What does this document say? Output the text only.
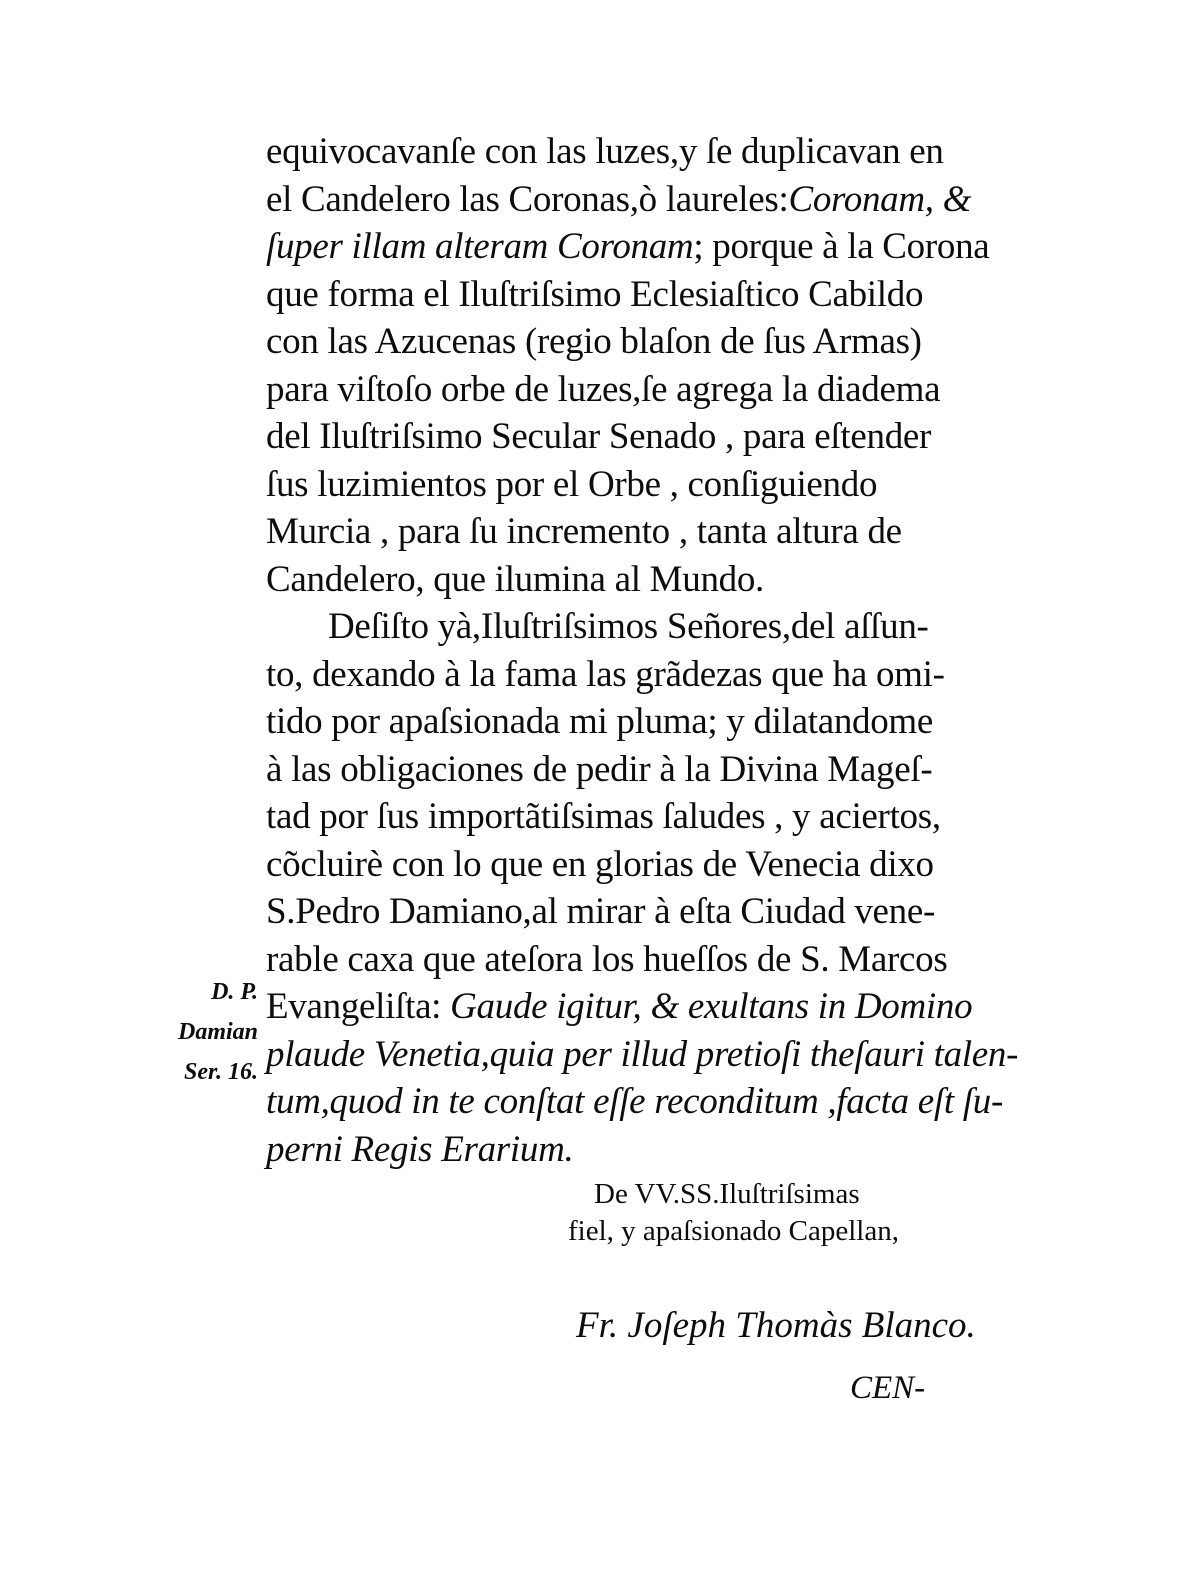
equivocavanſe con las luzes,y ſe duplicavan en
el Candelero las Coronas,ò laureles:Coronam, &
ſuper illam alteram Coronam; porque à la Corona
que forma el Iluſtriſsimo Eclesiaſtico Cabildo
con las Azucenas (regio blaſon de ſus Armas)
para viſtoſo orbe de luzes,ſe agrega la diadema
del Iluſtriſsimo Secular Senado , para eſtender
ſus luzimientos por el Orbe , conſiguiendo
Murcia , para ſu incremento , tanta altura de
Candelero, que ilumina al Mundo.
Deſiſto yà,Iluſtriſsimos Señores,del aſſun-
to, dexando à la fama las grãdezas que ha omi-
tido por apaſsionada mi pluma; y dilatandome
à las obligaciones de pedir à la Divina Mageſ-
tad por ſus importãtiſsimas ſaludes , y aciertos,
cõcluirè con lo que en glorias de Venecia dixo
S.Pedro Damiano,al mirar à eſta Ciudad vene-
rable caxa que ateſora los hueſſos de S. Marcos
Evangeliſta: Gaude igitur, & exultans in Domino
plaude Venetia,quia per illud pretioſi theſauri talen-
tum,quod in te conſtat eſſe reconditum ,facta eſt ſu-
perni Regis Erarium.
D. P.
Damian
Ser. 16.
De VV.SS.Iluſtriſsimas
fiel, y apaſsionado Capellan,
Fr. Joſeph Thomàs Blanco.
CEN-
